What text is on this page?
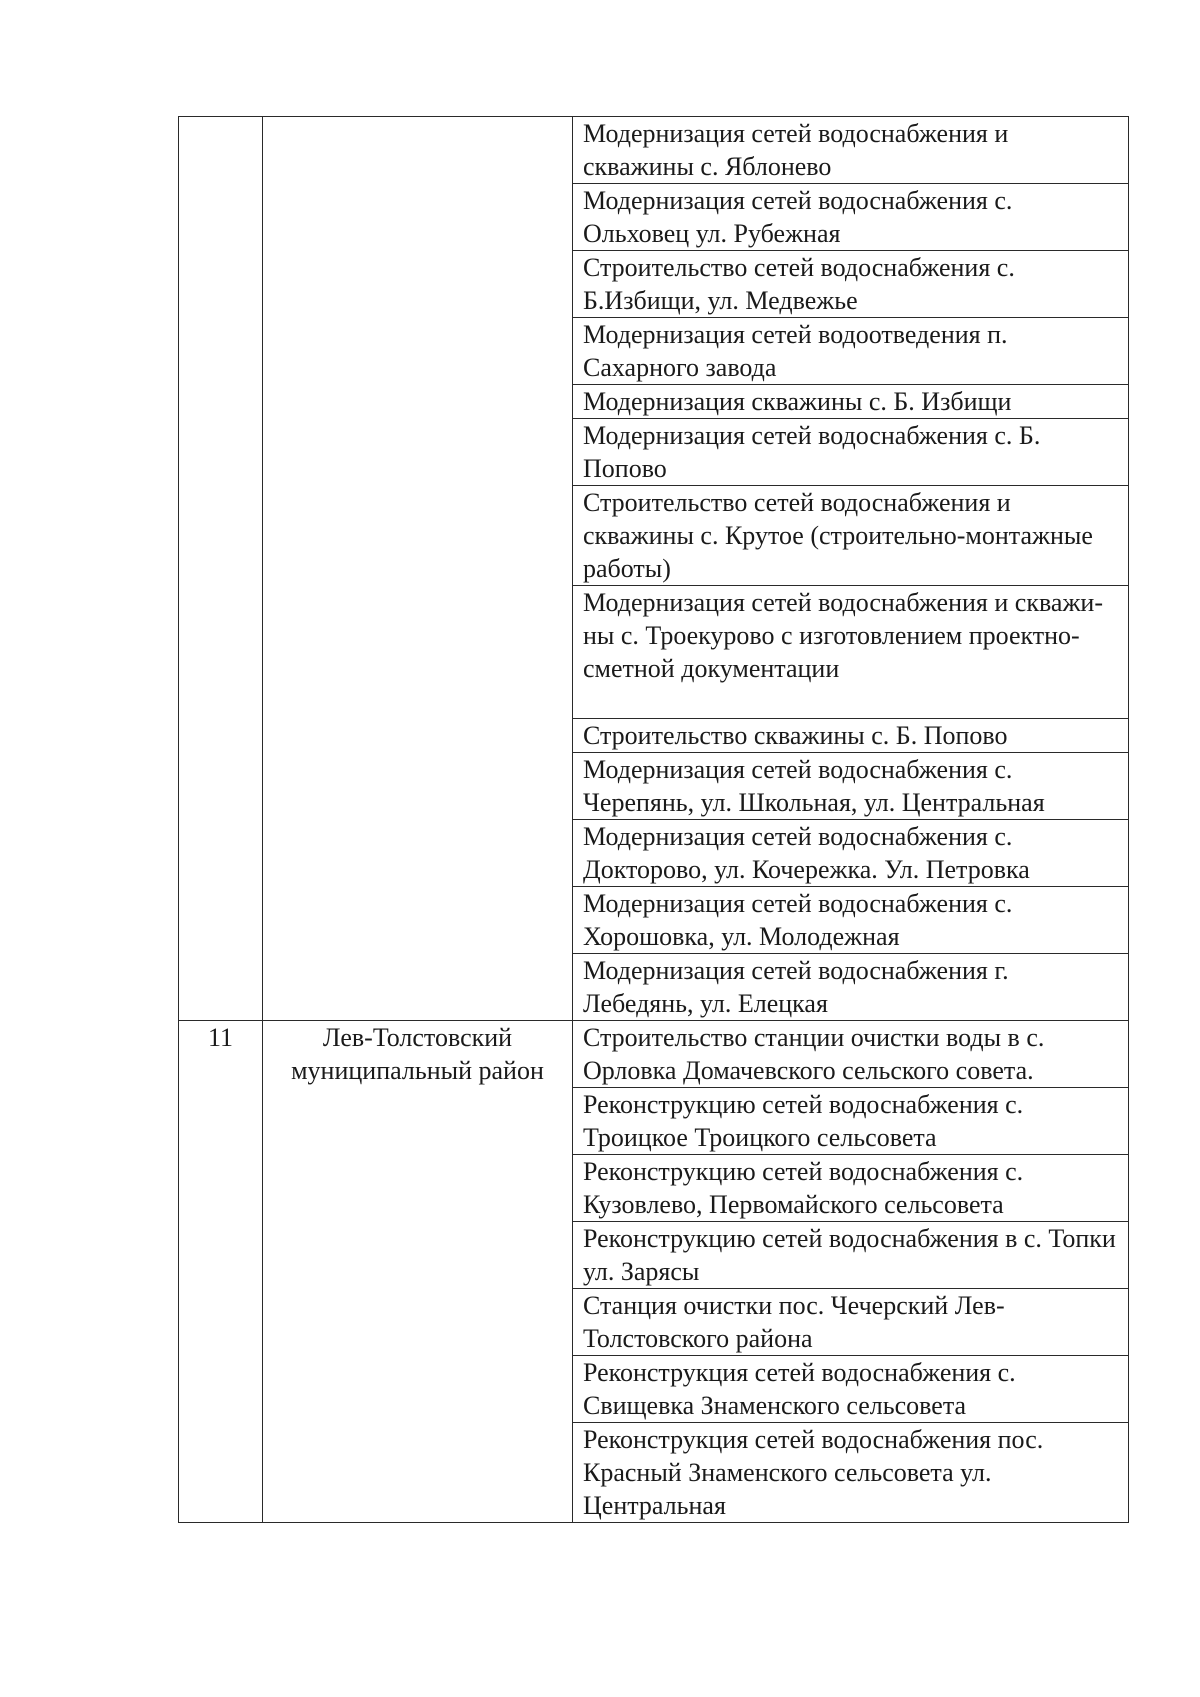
		Модернизация сетей водоснабжения и скважины с. Яблонево

		Модернизация сетей водоснабжения с. Ольховец ул. Рубежная

		Строительство сетей водоснабжения с. Б.Избищи, ул. Медвежье

		Модернизация сетей водоотведения п. Сахарного завода

		Модернизация скважины с. Б. Избищи

		Модернизация сетей водоснабжения с. Б. Попово

		Строительство сетей водоснабжения и скважины с. Крутое (строительно-монтажные работы)

		Модернизация сетей водоснабжения и скважи-ны с. Троекурово с изготовлением проектно-сметной документации

		Строительство скважины с. Б. Попово

		Модернизация сетей водоснабжения с. Черепянь, ул. Школьная, ул. Центральная

		Модернизация сетей водоснабжения с. Докторово, ул. Кочережка. Ул. Петровка

		Модернизация сетей водоснабжения с. Хорошовка, ул. Молодежная

		Модернизация сетей водоснабжения г. Лебедянь, ул. Елецкая

11	Лев-Толстовский муниципальный район	Строительство станции очистки воды в с. Орловка Домачевского сельского совета.

		Реконструкцию сетей водоснабжения с. Троицкое Троицкого сельсовета

		Реконструкцию сетей водоснабжения с. Кузовлево, Первомайского сельсовета

		Реконструкцию сетей водоснабжения в с. Топки ул. Зарясы

		Станция очистки пос. Чечерский Лев-Толстовского района

		Реконструкция сетей водоснабжения с. Свищевка Знаменского сельсовета

		Реконструкция сетей водоснабжения пос. Красный Знаменского сельсовета ул. Центральная
